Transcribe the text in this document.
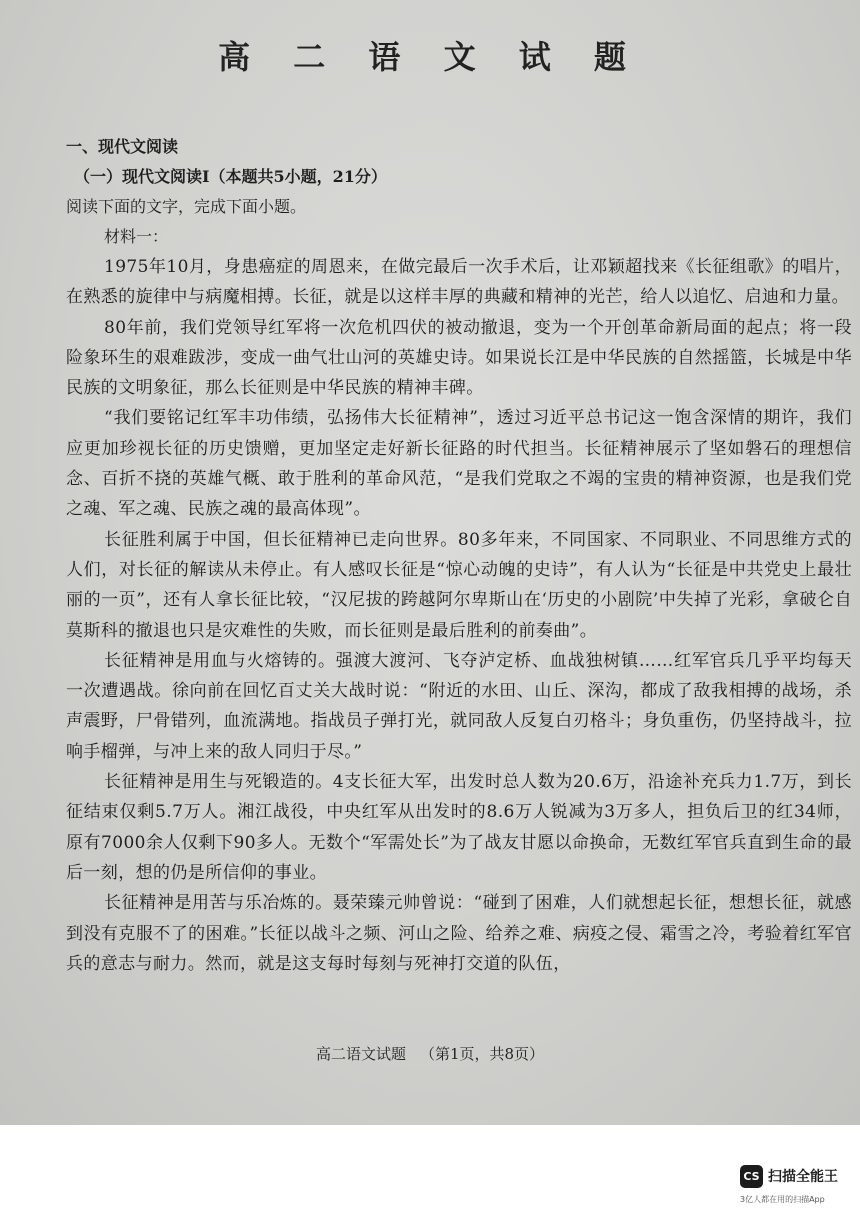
高 二 语 文 试 题
一、现代文阅读
（一）现代文阅读Ⅰ（本题共5小题，21分）
阅读下面的文字，完成下面小题。
材料一：

1975年10月，身患癌症的周恩来，在做完最后一次手术后，让邓颖超找来《长征组歌》的唱片，在熟悉的旋律中与病魔相搏。长征，就是以这样丰厚的典藏和精神的光芒，给人以追忆、启迪和力量。

80年前，我们党领导红军将一次危机四伏的被动撤退，变为一个开创革命新局面的起点；将一段险象环生的艰难跋涉，变成一曲气壮山河的英雄史诗。如果说长江是中华民族的自然摇篮，长城是中华民族的文明象征，那么长征则是中华民族的精神丰碑。

“我们要铭记红军丰功伟绩，弘扬伟大长征精神”，透过习近平总书记这一饱含深情的期许，我们应更加珍视长征的历史馈赠，更加坚定走好新长征路的时代担当。长征精神展示了坚如磐石的理想信念、百折不挠的英雄气概、敢于胜利的革命风范，“是我们党取之不竭的宝贵的精神资源，也是我们党之魂、军之魂、民族之魂的最高体现”。

长征胜利属于中国，但长征精神已走向世界。80多年来，不同国家、不同职业、不同思维方式的人们，对长征的解读从未停止。有人感叹长征是“惊心动魄的史诗”，有人认为“长征是中共党史上最壮丽的一页”，还有人拿长征比较，“汉尼拔的跨越阿尔卑斯山在‘历史的小剧院’中失掉了光彩，拿破仑自莫斯科的撤退也只是灾难性的失败，而长征则是最后胜利的前奏曲”。

长征精神是用血与火熔铸的。强渡大渡河、飞夺泸定桥、血战独树镇……红军官兵几乎平均每天一次遭遇战。徐向前在回忆百丈关大战时说：“附近的水田、山丘、深沟，都成了敌我相搏的战场，杀声震野，尸骨错列，血流满地。指战员子弹打光，就同敌人反复白刃格斗；身负重伤，仍坚持战斗，拉响手榴弹，与冲上来的敌人同归于尽。”

长征精神是用生与死锻造的。4支长征大军，出发时总人数为20.6万，沿途补充兵力1.7万，到长征结束仅剩5.7万人。湘江战役，中央红军从出发时的8.6万人锐减为3万多人，担负后卫的红34师，原有7000余人仅剩下90多人。无数个“军需处长”为了战友甘愿以命换命，无数红军官兵直到生命的最后一刻，想的仍是所信仰的事业。

长征精神是用苦与乐冶炼的。聂荣臻元帅曾说：“碰到了困难，人们就想起长征，想想长征，就感到没有克服不了的困难。”长征以战斗之频、河山之险、给养之难、病疫之侵、霜雪之冷，考验着红军官兵的意志与耐力。然而，就是这支每时每刻与死神打交道的队伍，

高二语文试题 （第1页，共8页）
CS 扫描全能王
3亿人都在用的扫描App
